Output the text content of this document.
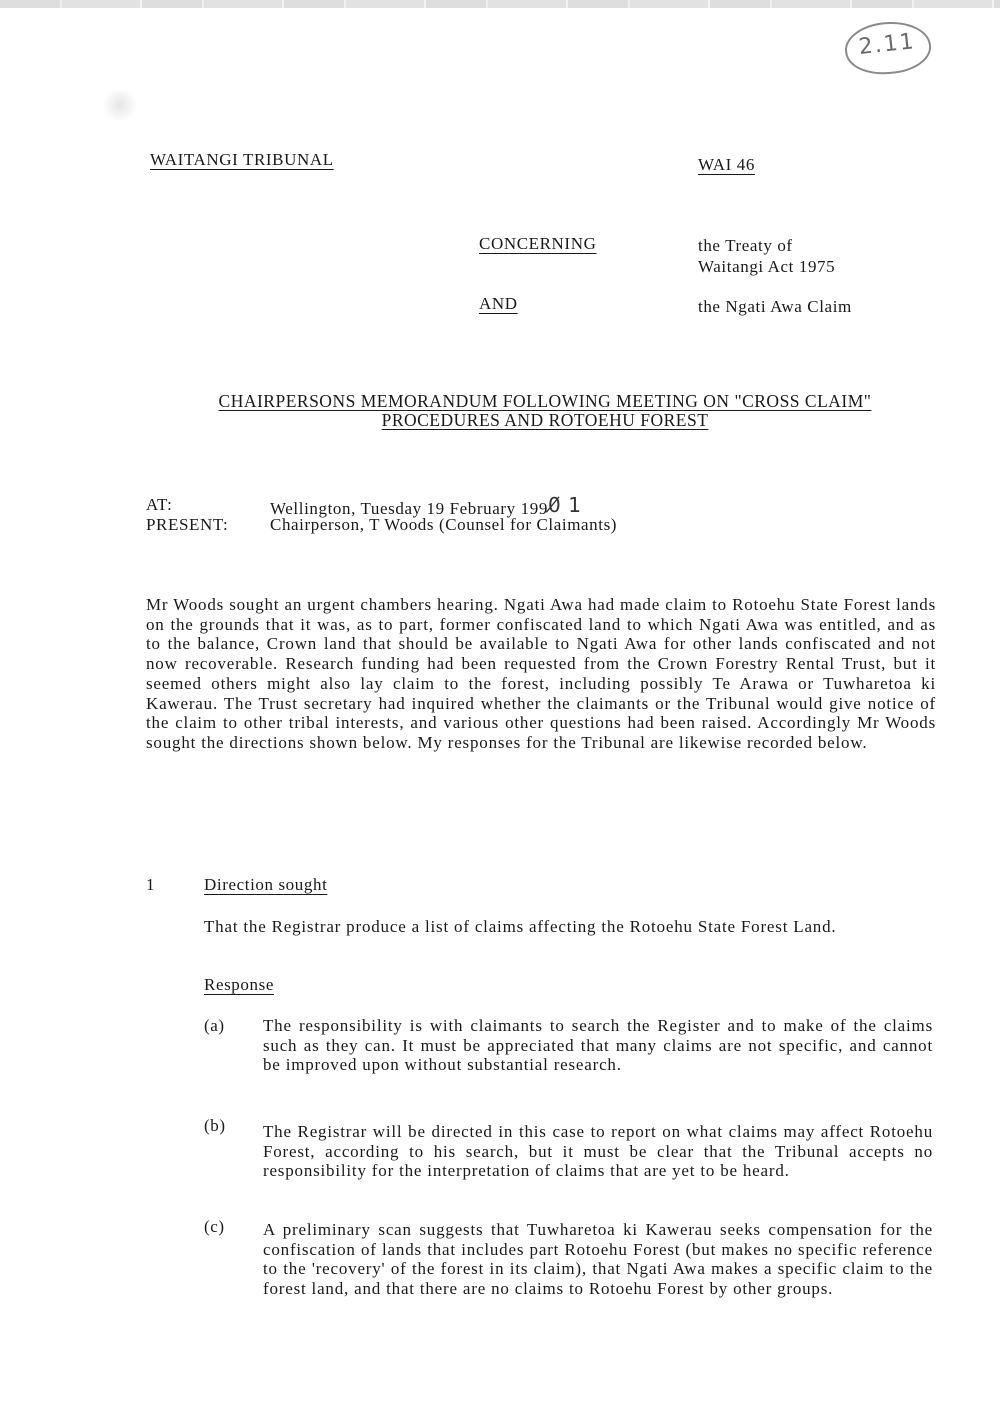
2.11
WAITANGI TRIBUNAL	WAI 46
CONCERNING	the Treaty of
Waitangi Act 1975
AND	the Ngati Awa Claim
CHAIRPERSONS MEMORANDUM FOLLOWING MEETING ON "CROSS CLAIM"
PROCEDURES AND ROTOEHU FOREST
AT:	Wellington, Tuesday 19 February 1990̸ 1
PRESENT: Chairperson, T Woods (Counsel for Claimants)
Mr Woods sought an urgent chambers hearing. Ngati Awa had made claim to Rotoehu State Forest lands on the grounds that it was, as to part, former confiscated land to which Ngati Awa was entitled, and as to the balance, Crown land that should be available to Ngati Awa for other lands confiscated and not now recoverable. Research funding had been requested from the Crown Forestry Rental Trust, but it seemed others might also lay claim to the forest, including possibly Te Arawa or Tuwharetoa ki Kawerau. The Trust secretary had inquired whether the claimants or the Tribunal would give notice of the claim to other tribal interests, and various other questions had been raised. Accordingly Mr Woods sought the directions shown below. My responses for the Tribunal are likewise recorded below.
1	Direction sought
That the Registrar produce a list of claims affecting the Rotoehu State Forest Land.
Response
(a) The responsibility is with claimants to search the Register and to make of the claims such as they can. It must be appreciated that many claims are not specific, and cannot be improved upon without substantial research.
(b) The Registrar will be directed in this case to report on what claims may affect Rotoehu Forest, according to his search, but it must be clear that the Tribunal accepts no responsibility for the interpretation of claims that are yet to be heard.
(c) A preliminary scan suggests that Tuwharetoa ki Kawerau seeks compensation for the confiscation of lands that includes part Rotoehu Forest (but makes no specific reference to the 'recovery' of the forest in its claim), that Ngati Awa makes a specific claim to the forest land, and that there are no claims to Rotoehu Forest by other groups.
